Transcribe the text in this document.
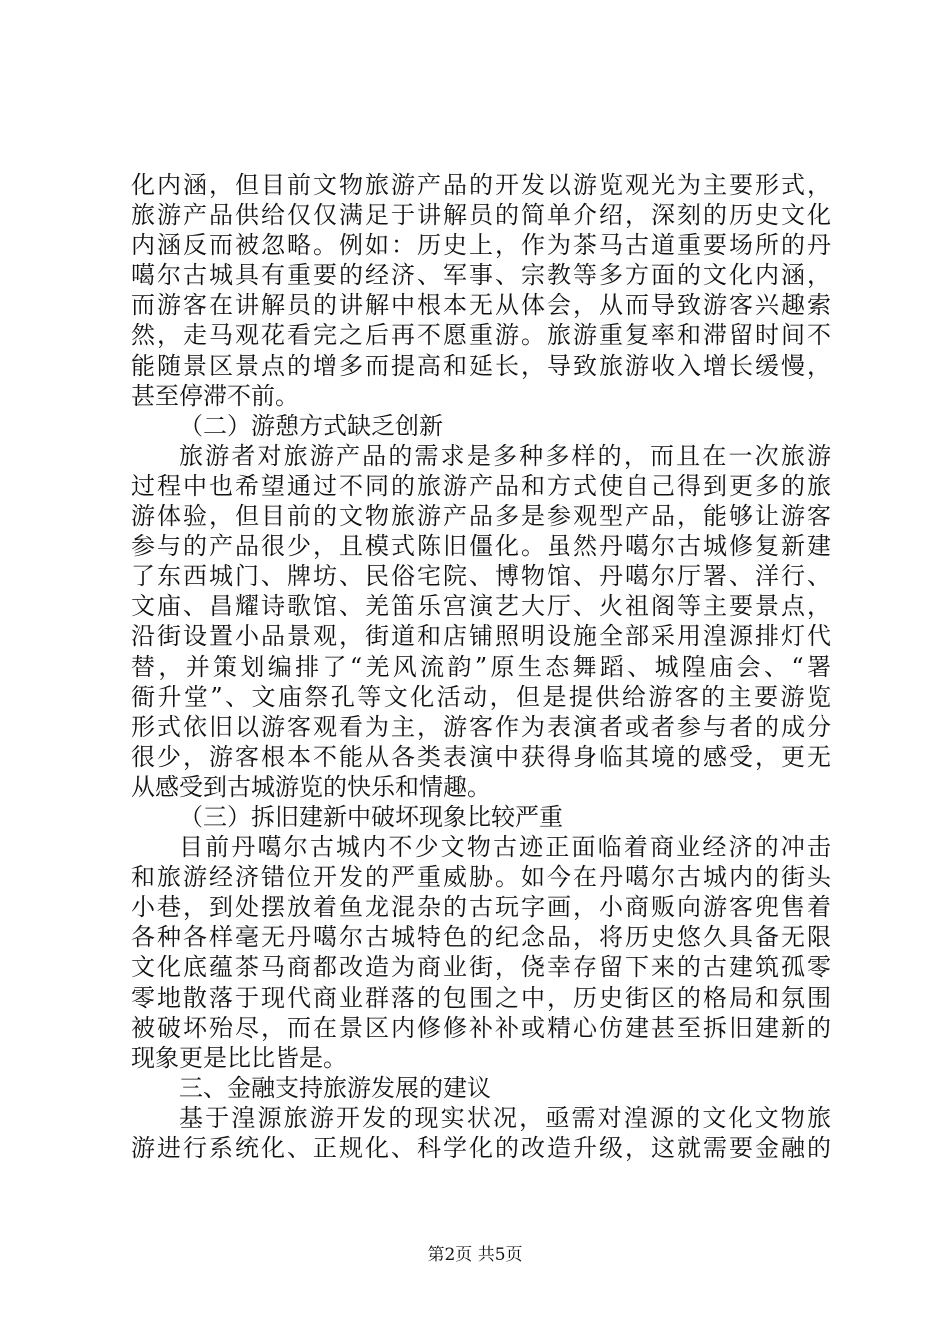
化内涵，但目前文物旅游产品的开发以游览观光为主要形式，
旅游产品供给仅仅满足于讲解员的简单介绍，深刻的历史文化
内涵反而被忽略。例如：历史上，作为茶马古道重要场所的丹
噶尔古城具有重要的经济、军事、宗教等多方面的文化内涵，
而游客在讲解员的讲解中根本无从体会，从而导致游客兴趣索
然，走马观花看完之后再不愿重游。旅游重复率和滞留时间不
能随景区景点的增多而提高和延长，导致旅游收入增长缓慢，
甚至停滞不前。
（二）游憩方式缺乏创新
旅游者对旅游产品的需求是多种多样的，而且在一次旅游
过程中也希望通过不同的旅游产品和方式使自己得到更多的旅
游体验，但目前的文物旅游产品多是参观型产品，能够让游客
参与的产品很少，且模式陈旧僵化。虽然丹噶尔古城修复新建
了东西城门、牌坊、民俗宅院、博物馆、丹噶尔厅署、洋行、
文庙、昌耀诗歌馆、羌笛乐宫演艺大厅、火祖阁等主要景点，
沿街设置小品景观，街道和店铺照明设施全部采用湟源排灯代
替，并策划编排了“羌风流韵”原生态舞蹈、城隍庙会、“署
衙升堂”、文庙祭孔等文化活动，但是提供给游客的主要游览
形式依旧以游客观看为主，游客作为表演者或者参与者的成分
很少，游客根本不能从各类表演中获得身临其境的感受，更无
从感受到古城游览的快乐和情趣。
（三）拆旧建新中破坏现象比较严重
目前丹噶尔古城内不少文物古迹正面临着商业经济的冲击
和旅游经济错位开发的严重威胁。如今在丹噶尔古城内的街头
小巷，到处摆放着鱼龙混杂的古玩字画，小商贩向游客兜售着
各种各样毫无丹噶尔古城特色的纪念品，将历史悠久具备无限
文化底蕴茶马商都改造为商业街，侥幸存留下来的古建筑孤零
零地散落于现代商业群落的包围之中，历史街区的格局和氛围
被破坏殆尽，而在景区内修修补补或精心仿建甚至拆旧建新的
现象更是比比皆是。
三、金融支持旅游发展的建议
基于湟源旅游开发的现实状况，亟需对湟源的文化文物旅
游进行系统化、正规化、科学化的改造升级，这就需要金融的
第2页 共5页
